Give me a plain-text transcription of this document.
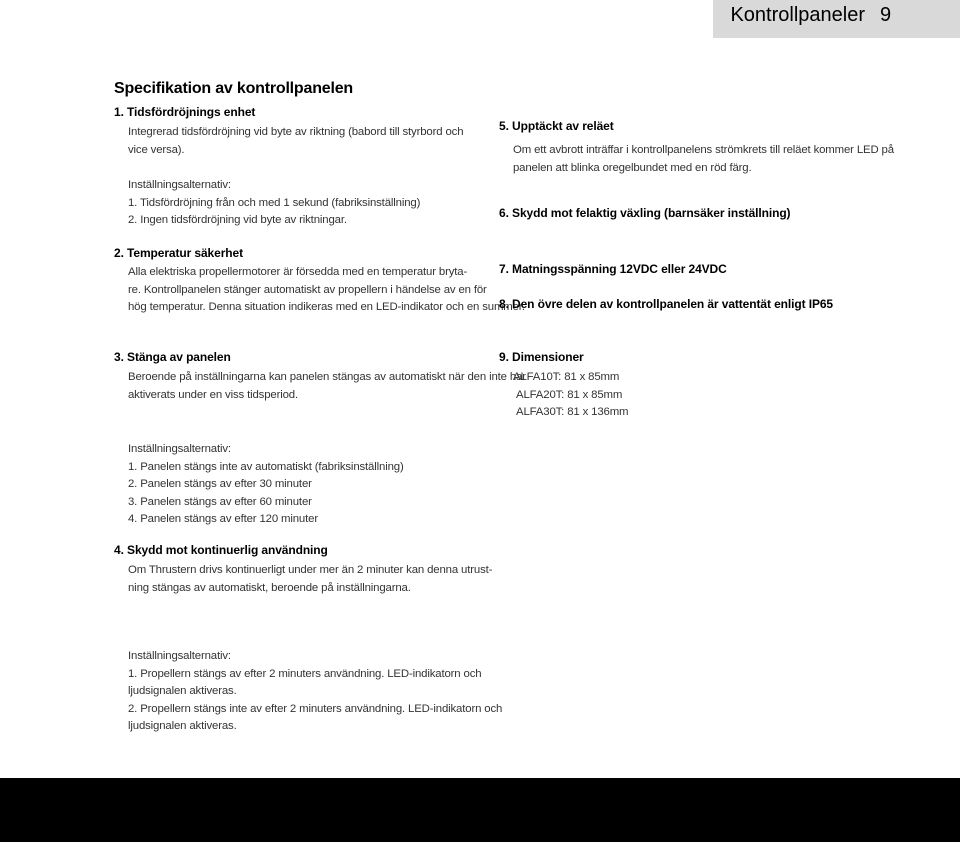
Kontrollpaneler 9
Specifikation av kontrollpanelen
1. Tidsfördröjnings enhet
Integrerad tidsfördröjning vid byte av riktning (babord till styrbord och
vice versa).
Inställningsalternativ:
1. Tidsfördröjning från och med 1 sekund (fabriksinställning)
2. Ingen tidsfördröjning vid byte av riktningar.
2. Temperatur säkerhet
Alla elektriska propellermotorer är försedda med en temperatur bryta-
re. Kontrollpanelen stänger automatiskt av propellern i händelse av en för
hög temperatur. Denna situation indikeras med en LED-indikator och en summer.
3. Stänga av panelen
Beroende på inställningarna kan panelen stängas av automatiskt när den inte har
aktiverats under en viss tidsperiod.
Inställningsalternativ:
1. Panelen stängs inte av automatiskt (fabriksinställning)
2. Panelen stängs av efter 30 minuter
3. Panelen stängs av efter 60 minuter
4. Panelen stängs av efter 120 minuter
4. Skydd mot kontinuerlig användning
Om Thrustern drivs kontinuerligt under mer än 2 minuter kan denna utrust-
ning stängas av automatiskt, beroende på inställningarna.
Inställningsalternativ:
1. Propellern stängs av efter 2 minuters användning. LED-indikatorn och
ljudsignalen aktiveras.
2. Propellern stängs inte av efter 2 minuters användning. LED-indikatorn och
ljudsignalen aktiveras.
5. Upptäckt av reläet
Om ett avbrott inträffar i kontrollpanelens strömkrets till reläet kommer LED på
panelen att blinka oregelbundet med en röd färg.
6. Skydd mot felaktig växling (barnsäker inställning)
7. Matningsspänning 12VDC eller 24VDC
8. Den övre delen av kontrollpanelen är vattentät enligt IP65
9. Dimensioner
ALFA10T: 81 x 85mm
ALFA20T: 81 x 85mm
ALFA30T: 81 x 136mm
CRAFTED WITH CRAFTSMAN MARINE 19
